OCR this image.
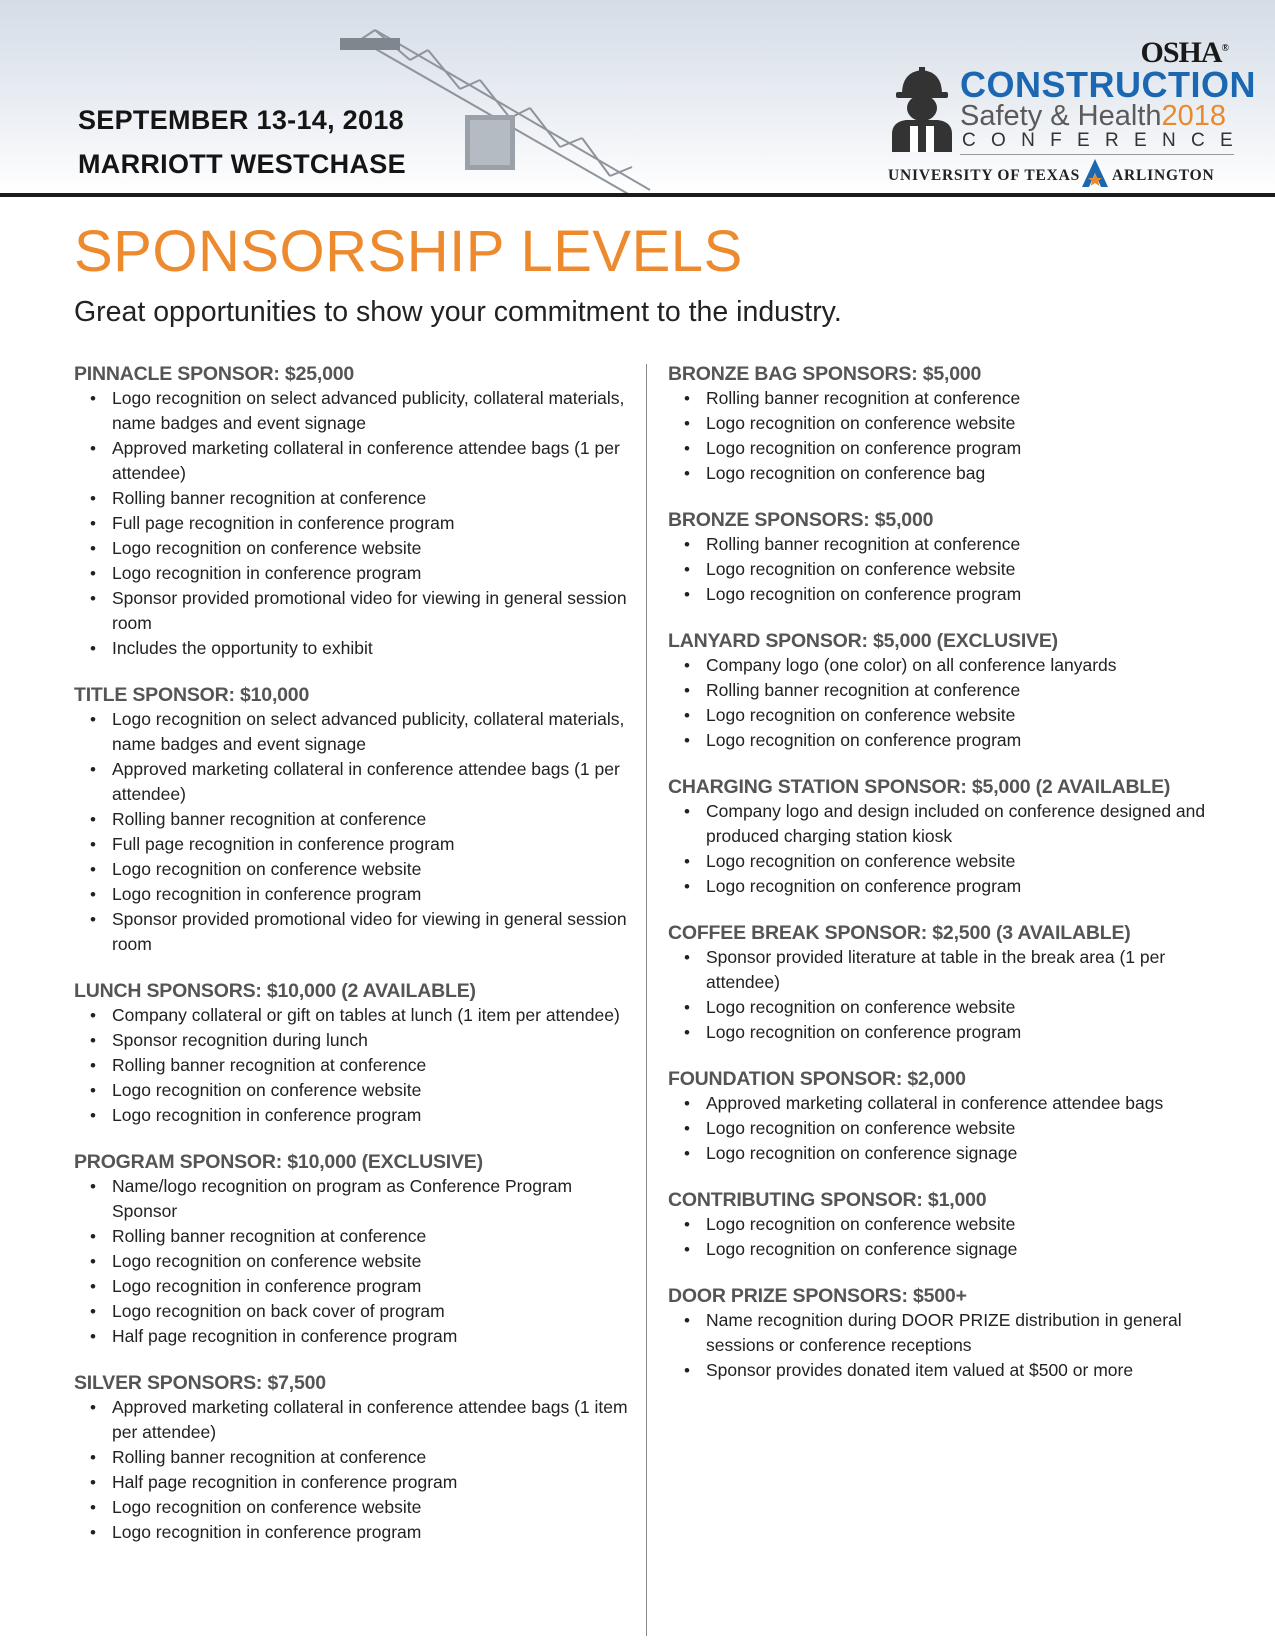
SEPTEMBER 13-14, 2018
MARRIOTT WESTCHASE
OSHA®
CONSTRUCTION
Safety & Health2018
CONFERENCE
UNIVERSITY OF TEXAS ARLINGTON
SPONSORSHIP LEVELS
Great opportunities to show your commitment to the industry.
PINNACLE SPONSOR: $25,000
• Logo recognition on select advanced publicity, collateral materials, name badges and event signage
• Approved marketing collateral in conference attendee bags (1 per attendee)
• Rolling banner recognition at conference
• Full page recognition in conference program
• Logo recognition on conference website
• Logo recognition in conference program
• Sponsor provided promotional video for viewing in general session room
• Includes the opportunity to exhibit
TITLE SPONSOR: $10,000
• Logo recognition on select advanced publicity, collateral materials, name badges and event signage
• Approved marketing collateral in conference attendee bags (1 per attendee)
• Rolling banner recognition at conference
• Full page recognition in conference program
• Logo recognition on conference website
• Logo recognition in conference program
• Sponsor provided promotional video for viewing in general session room
LUNCH SPONSORS: $10,000 (2 AVAILABLE)
• Company collateral or gift on tables at lunch (1 item per attendee)
• Sponsor recognition during lunch
• Rolling banner recognition at conference
• Logo recognition on conference website
• Logo recognition in conference program
PROGRAM SPONSOR: $10,000 (EXCLUSIVE)
• Name/logo recognition on program as Conference Program Sponsor
• Rolling banner recognition at conference
• Logo recognition on conference website
• Logo recognition in conference program
• Logo recognition on back cover of program
• Half page recognition in conference program
SILVER SPONSORS: $7,500
• Approved marketing collateral in conference attendee bags (1 item per attendee)
• Rolling banner recognition at conference
• Half page recognition in conference program
• Logo recognition on conference website
• Logo recognition in conference program
BRONZE BAG SPONSORS: $5,000
• Rolling banner recognition at conference
• Logo recognition on conference website
• Logo recognition on conference program
• Logo recognition on conference bag
BRONZE SPONSORS: $5,000
• Rolling banner recognition at conference
• Logo recognition on conference website
• Logo recognition on conference program
LANYARD SPONSOR: $5,000 (EXCLUSIVE)
• Company logo (one color) on all conference lanyards
• Rolling banner recognition at conference
• Logo recognition on conference website
• Logo recognition on conference program
CHARGING STATION SPONSOR: $5,000 (2 AVAILABLE)
• Company logo and design included on conference designed and produced charging station kiosk
• Logo recognition on conference website
• Logo recognition on conference program
COFFEE BREAK SPONSOR: $2,500 (3 AVAILABLE)
• Sponsor provided literature at table in the break area (1 per attendee)
• Logo recognition on conference website
• Logo recognition on conference program
FOUNDATION SPONSOR: $2,000
• Approved marketing collateral in conference attendee bags
• Logo recognition on conference website
• Logo recognition on conference signage
CONTRIBUTING SPONSOR: $1,000
• Logo recognition on conference website
• Logo recognition on conference signage
DOOR PRIZE SPONSORS: $500+
• Name recognition during DOOR PRIZE distribution in general sessions or conference receptions
• Sponsor provides donated item valued at $500 or more
